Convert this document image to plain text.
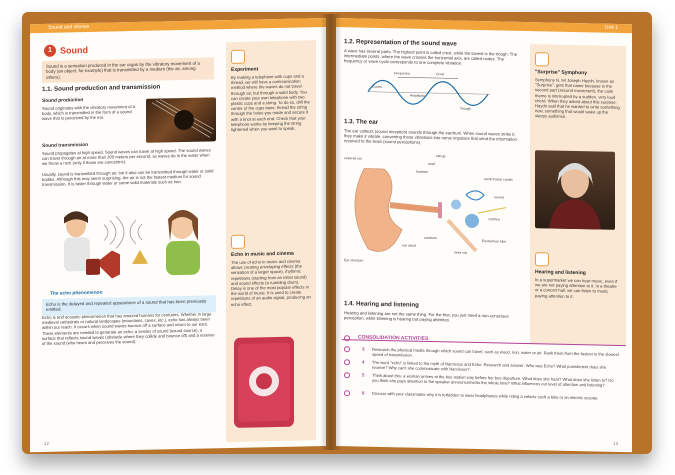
Sound and silence
1 Sound
Sound is a sensation produced in the ear organ by the vibratory movement of a body (an object, for example) that is transmitted by a medium (the air, among others).
1.1. Sound production and transmission
Sound production
Sound originates with the vibratory movement of a body, which is transmitted in the form of a sound wave that is perceived by the ear.
Sound transmission
Sound propagates at high speed. Sound waves can travel at high speed. The sound waves can travel through air at more than 300 meters per second, as waves do in the water when we throw a rock (only if those are concentric).
Usually, sound is transmitted through air, but it also can be transmitted through water or solid bodies. Although this may seem surprising, the air is not the fastest medium for sound transmission. It is faster through water or some solid materials such as iron.
The echo phenomenon
Echo is the delayed and repeated appearance of a sound that has been previously emitted.
Echo is and acoustic phenomenon that has amazed humans for centuries. Whether in large medieval cathedrals or natural landscapes (mountains, caves, etc.), echo has always been within our reach. It occurs when sound waves bounce off a surface and return to our ears. These elements are needed to generate an echo: a sender of sound (sound source), a surface that reflects sound waves (obstacle where they collide and bounce off) and a receiver of the sound (who hears and perceives the sound).
Experiment
By making a telephone with cups and a thread, we will have a communication method where the waves do not travel through air, but through a solid body. You can create your own telephone with two plastic cups and a string. To do so, drill the centre of the cups base, thread the string through the holes you made and secure it with a knot at each end. Check that your telephone works by keeping the string tightened when you want to speak.
Echo in music and cinema
The use of echo in music and cinema allows creating enveloping effects (the sensation of a larger space), rhythmic repetitions (starting from an initial sound) and sound effects (a rumbling drum). Delay is one of the most popular effects in the world of music. It is used to create repetitions of an audio signal, producing an echo effect.
12
Unit 1
1.2. Representation of the sound wave
A wave has several parts. The highest point is called crest, while the lowest is the trough. The intermediate points, where the wave crosses the horizontal axis, are called nodes. The frequency or wave cycle corresponds to one complete vibration.
Frequency	Crest
Centre
Amplitude
Trough
1.3. The ear
The ear collects (sound reception) sounds through the eardrum. When sound waves strike it, they make it vibrate, converting those vibrations into nerve impulses that send the information received to the brain (sound perceptions).
external ear	stirrup
anvil
hammer
semicircular canals
nerves
cochlea
eardrum
Eustachian tube
ear canal
inner ear
Ear structure
1.4. Hearing and listening
Hearing and listening are not the same thing. For the first, you just need a non-conscious perception, while listening is hearing but paying attention.
"Surprise" Symphony
Symphony N. 94 Joseph Haydn, known as "Surprise", gets that name because in the second part (second movement), the calm theme is interrupted by a sudden, very loud chord. When they asked about this surprise, Haydn said that he wanted to write something new, something that would wake up the sleepy audience.
Hearing and listening
In a supermarket we can hear music, even if we are not paying attention to it. In a theatre or a concert hall, we can listen to music paying attention to it.
CONSOLIDATION ACTIVITIES
3	Research the physical media through which sound can travel, such as wood, iron, water or air. Rank them from the fastest to the slowest speed of transmission.
4	The word "echo" is linked to the myth of Narcissus and Echo. Research and answer: Who was Echo? What punishment does she receive? Why can't she communicate with Narcissus?
5	Think about this: a woman arrives at the bus station way before her bus departure. What does she hear? What does she listen to? Do you think she pays attention to the speaker announcements the whole time? What influences our level of attention and listening?
6	Discuss with your classmates why it is forbidden to wear headphones while riding a vehicle such a bike or an electric scooter.
13
